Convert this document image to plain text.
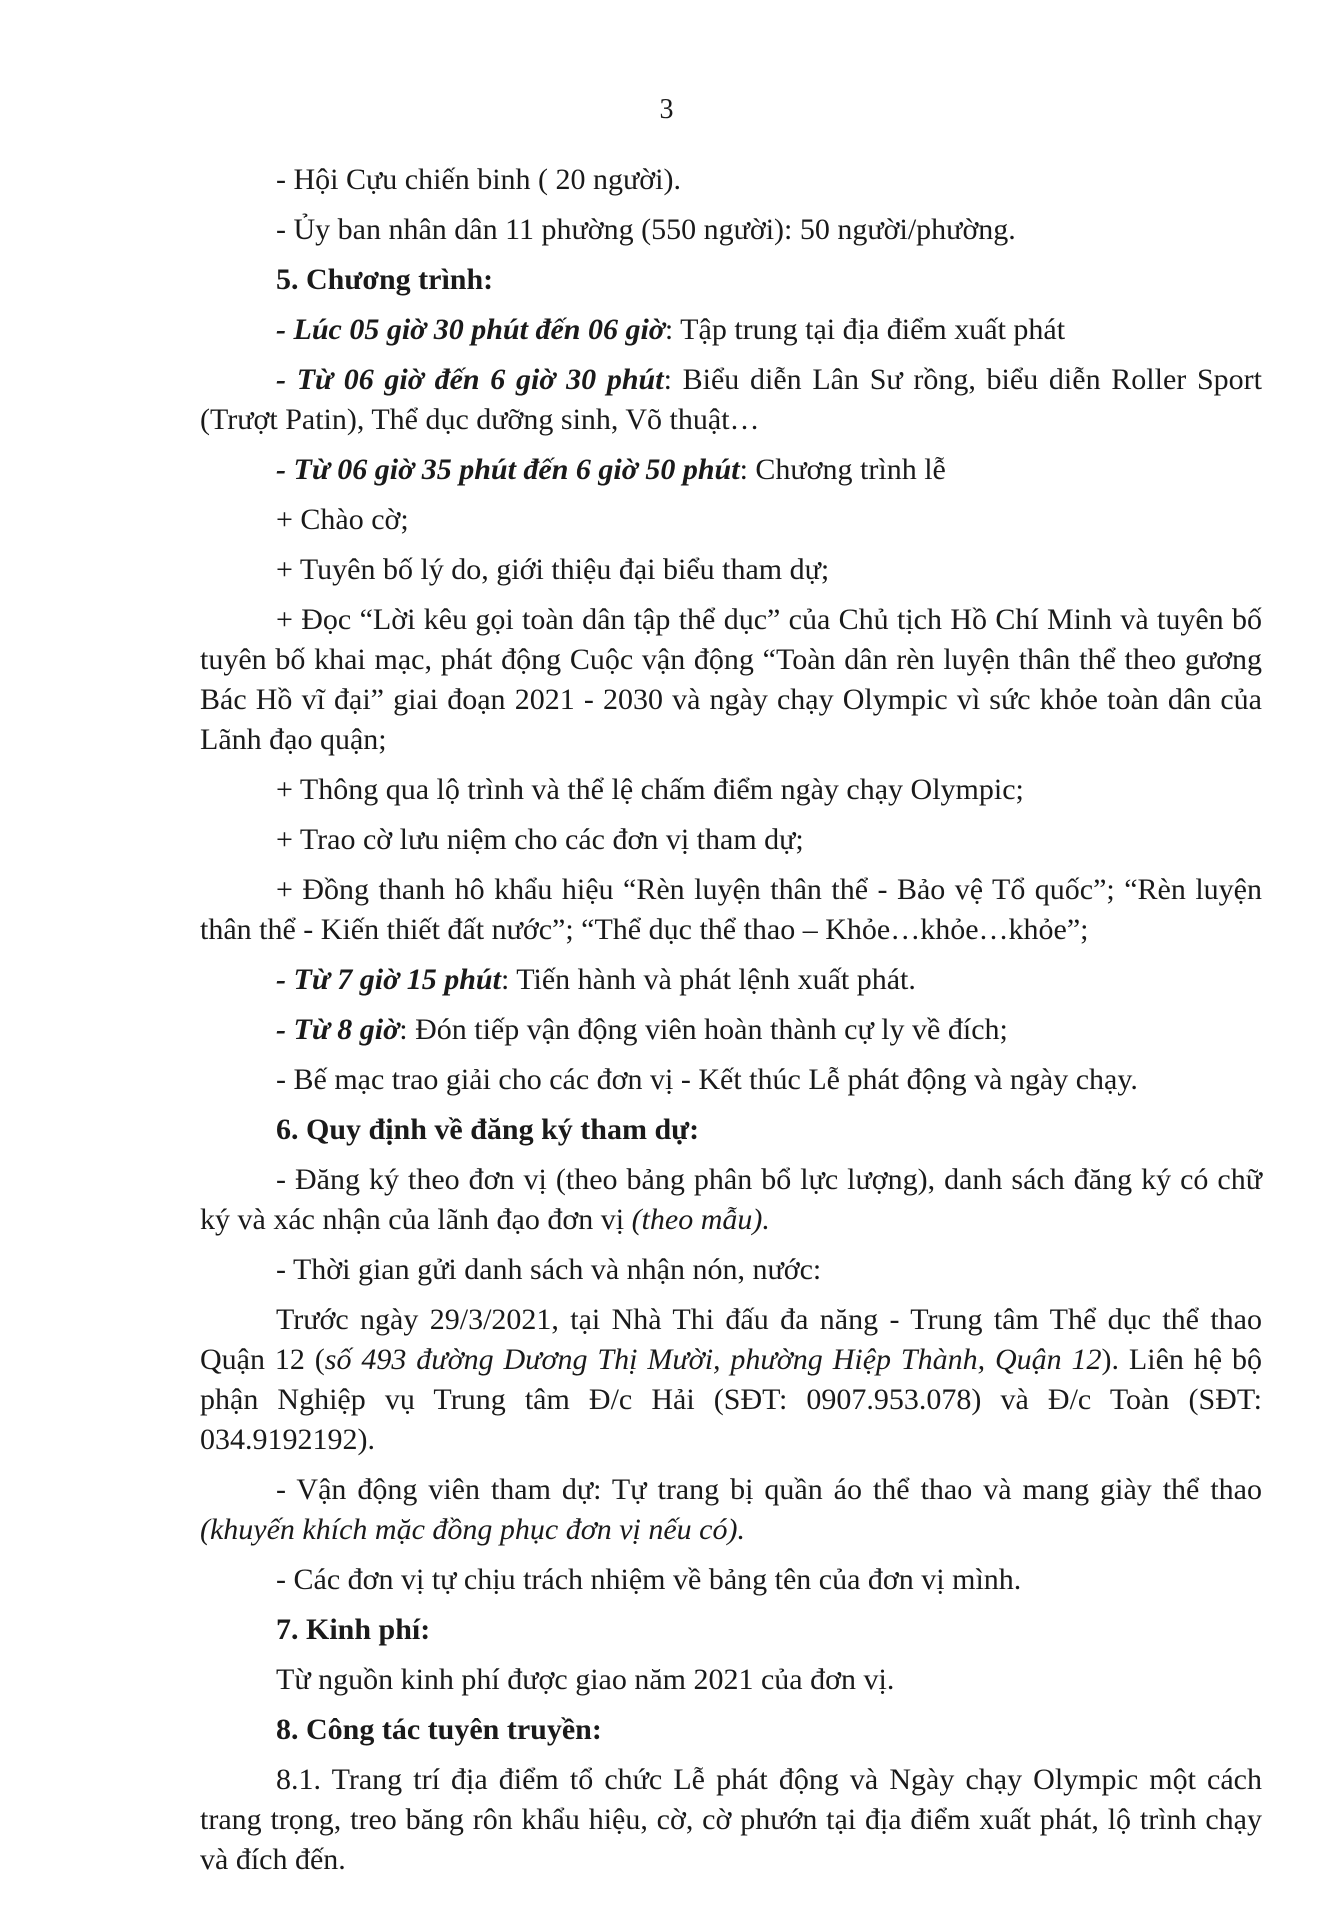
3

- Hội Cựu chiến binh ( 20 người).

- Ủy ban nhân dân 11 phường (550 người): 50 người/phường.

5. Chương trình:

- Lúc 05 giờ 30 phút đến 06 giờ: Tập trung tại địa điểm xuất phát

- Từ 06 giờ đến 6 giờ 30 phút: Biểu diễn Lân Sư rồng, biểu diễn Roller Sport (Trượt Patin), Thể dục dưỡng sinh, Võ thuật…

- Từ 06 giờ 35 phút đến 6 giờ 50 phút: Chương trình lễ

+ Chào cờ;

+ Tuyên bố lý do, giới thiệu đại biểu tham dự;

+ Đọc “Lời kêu gọi toàn dân tập thể dục” của Chủ tịch Hồ Chí Minh và tuyên bố tuyên bố khai mạc, phát động Cuộc vận động “Toàn dân rèn luyện thân thể theo gương Bác Hồ vĩ đại” giai đoạn 2021 - 2030 và ngày chạy Olympic vì sức khỏe toàn dân của Lãnh đạo quận;

+ Thông qua lộ trình và thể lệ chấm điểm ngày chạy Olympic;

+ Trao cờ lưu niệm cho các đơn vị tham dự;

+ Đồng thanh hô khẩu hiệu “Rèn luyện thân thể - Bảo vệ Tổ quốc”; “Rèn luyện thân thể - Kiến thiết đất nước”; “Thể dục thể thao – Khỏe…khỏe…khỏe”;

- Từ 7 giờ 15 phút: Tiến hành và phát lệnh xuất phát.

- Từ 8 giờ: Đón tiếp vận động viên hoàn thành cự ly về đích;

- Bế mạc trao giải cho các đơn vị - Kết thúc Lễ phát động và ngày chạy.

6. Quy định về đăng ký tham dự:

- Đăng ký theo đơn vị (theo bảng phân bổ lực lượng), danh sách đăng ký có chữ ký và xác nhận của lãnh đạo đơn vị (theo mẫu).

- Thời gian gửi danh sách và nhận nón, nước:

Trước ngày 29/3/2021, tại Nhà Thi đấu đa năng - Trung tâm Thể dục thể thao Quận 12 (số 493 đường Dương Thị Mười, phường Hiệp Thành, Quận 12). Liên hệ bộ phận Nghiệp vụ Trung tâm Đ/c Hải (SĐT: 0907.953.078) và Đ/c Toàn (SĐT: 034.9192192).

- Vận động viên tham dự: Tự trang bị quần áo thể thao và mang giày thể thao (khuyến khích mặc đồng phục đơn vị nếu có).

- Các đơn vị tự chịu trách nhiệm về bảng tên của đơn vị mình.

7. Kinh phí:

Từ nguồn kinh phí được giao năm 2021 của đơn vị.

8. Công tác tuyên truyền:

8.1. Trang trí địa điểm tổ chức Lễ phát động và Ngày chạy Olympic một cách trang trọng, treo băng rôn khẩu hiệu, cờ, cờ phướn tại địa điểm xuất phát, lộ trình chạy và đích đến.
